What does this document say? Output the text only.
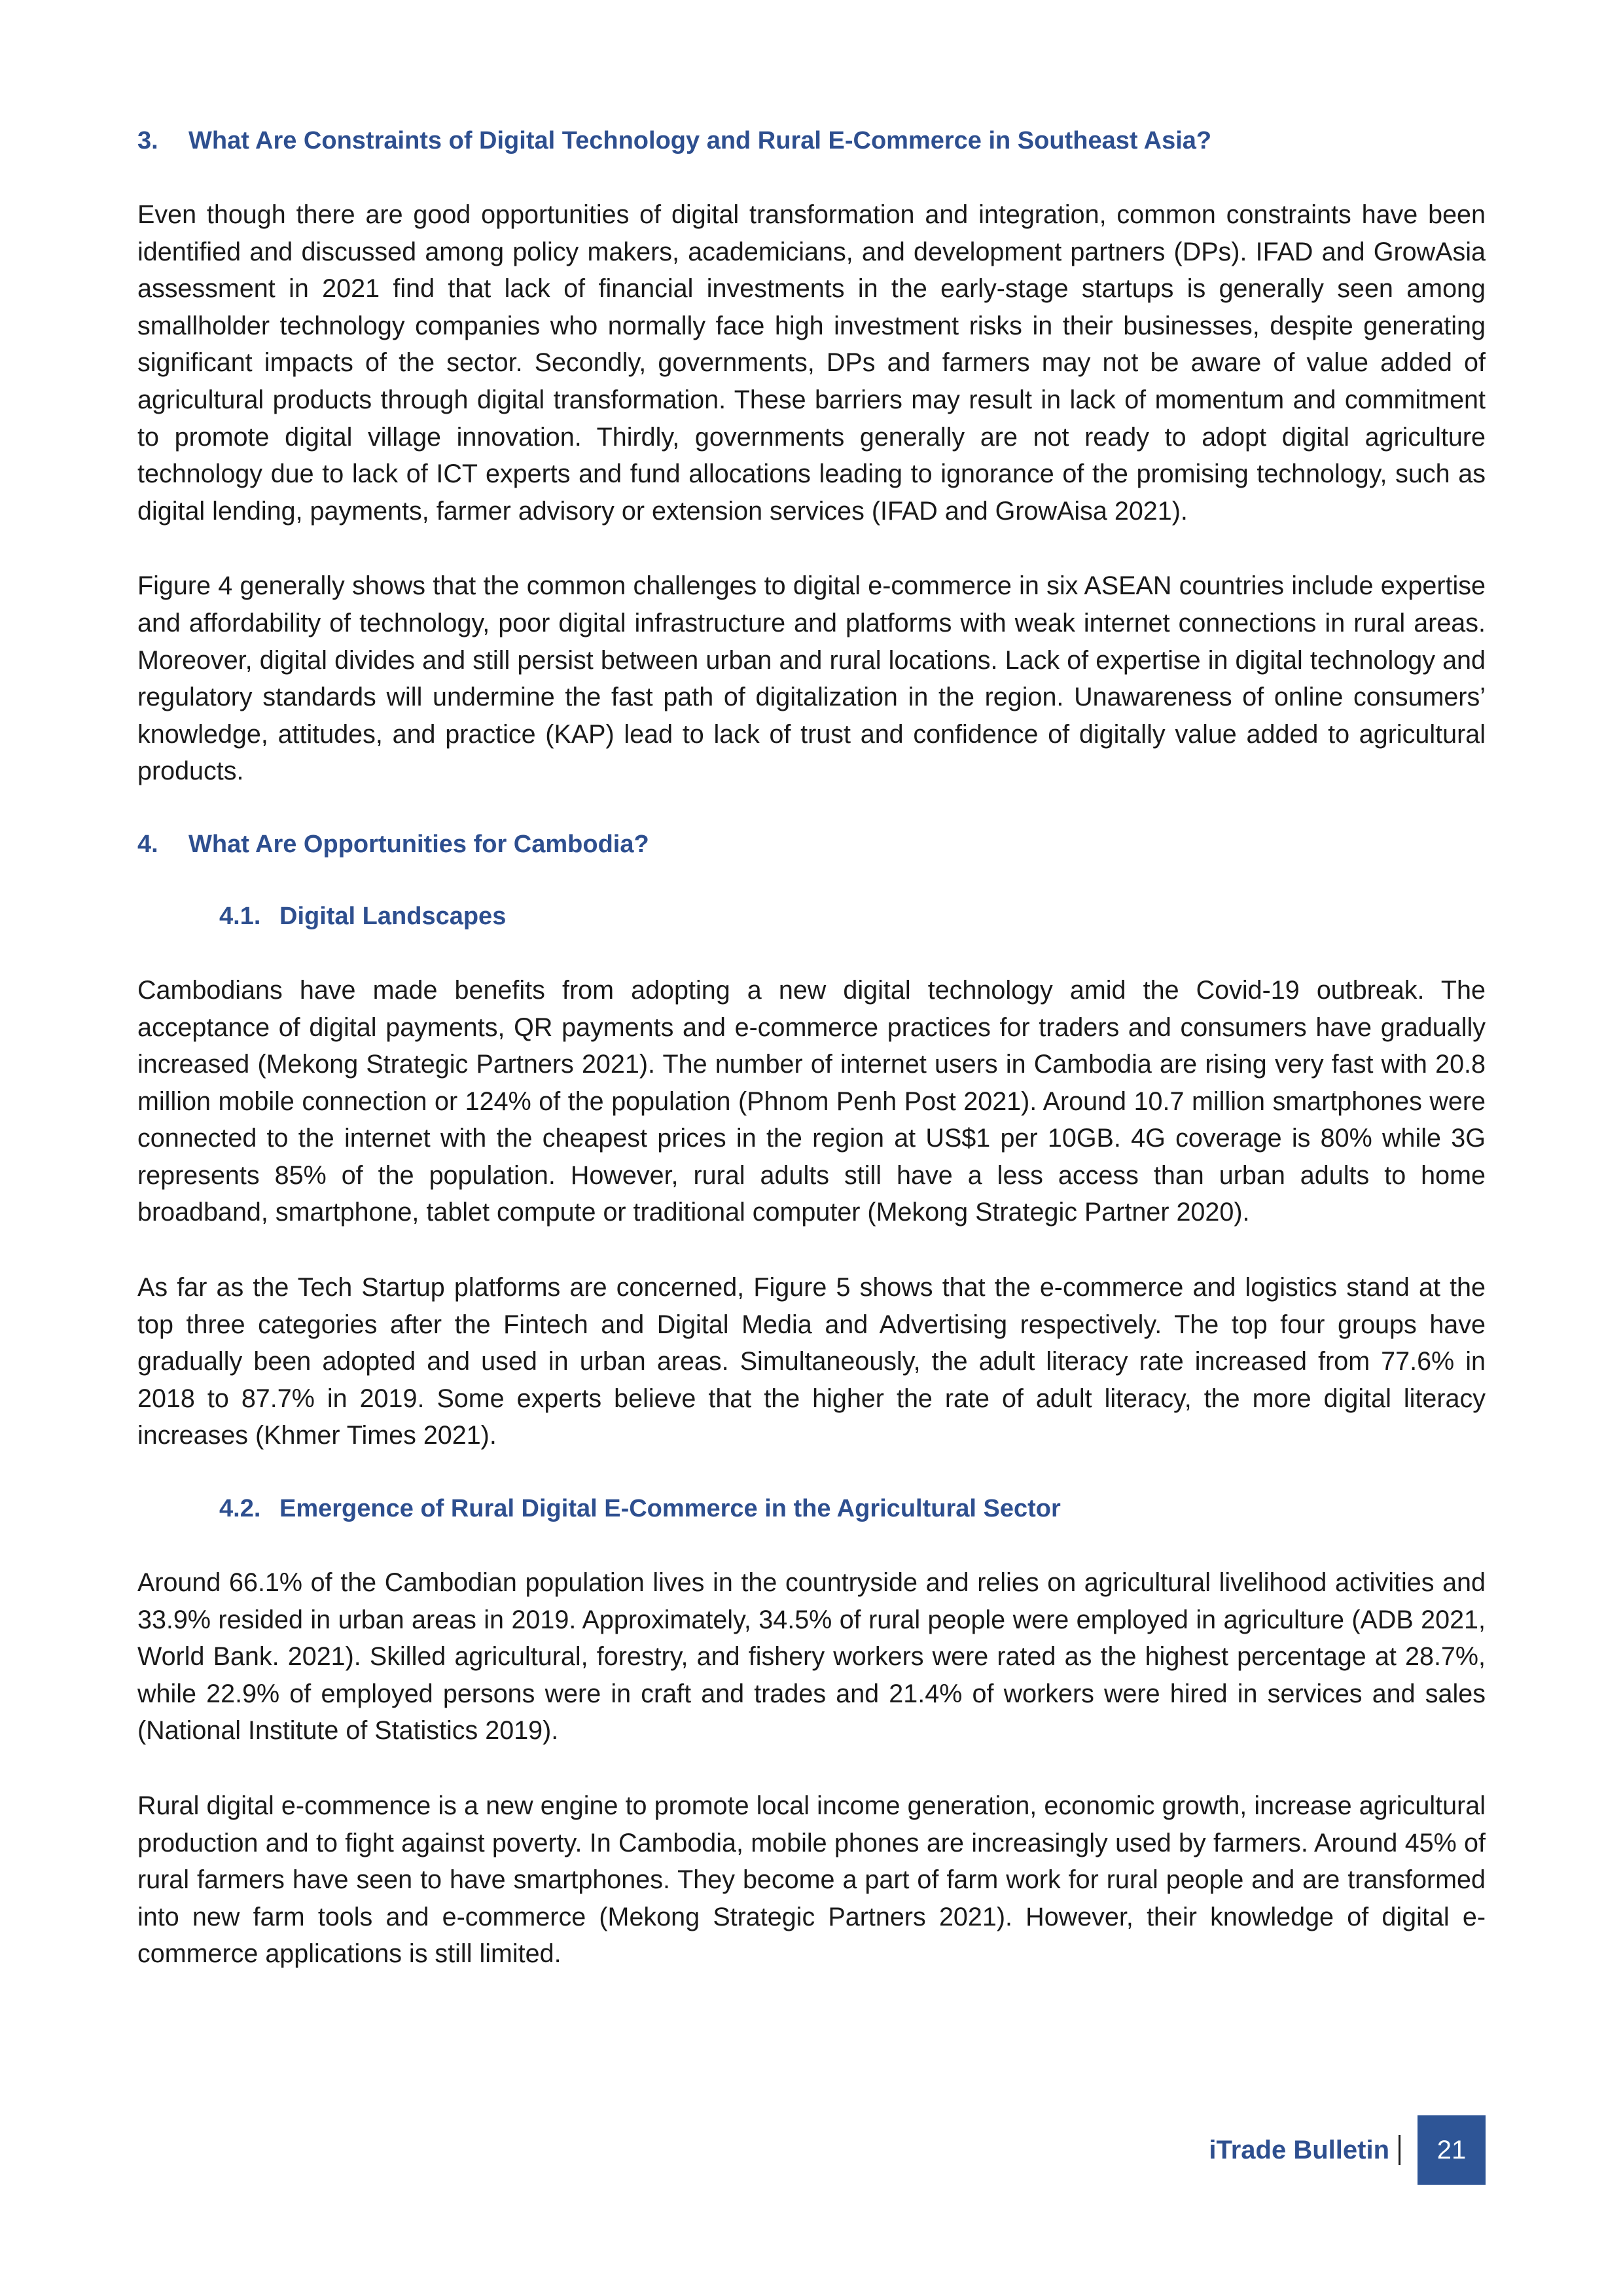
3.	What Are Constraints of Digital Technology and Rural E-Commerce in Southeast Asia?

Even though there are good opportunities of digital transformation and integration, common constraints have been identified and discussed among policy makers, academicians, and development partners (DPs). IFAD and GrowAsia assessment in 2021 find that lack of financial investments in the early-stage startups is generally seen among smallholder technology companies who normally face high investment risks in their businesses, despite generating significant impacts of the sector. Secondly, governments, DPs and farmers may not be aware of value added of agricultural products through digital transformation. These barriers may result in lack of momentum and commitment to promote digital village innovation. Thirdly, governments generally are not ready to adopt digital agriculture technology due to lack of ICT experts and fund allocations leading to ignorance of the promising technology, such as digital lending, payments, farmer advisory or extension services (IFAD and GrowAisa 2021).

Figure 4 generally shows that the common challenges to digital e-commerce in six ASEAN countries include expertise and affordability of technology, poor digital infrastructure and platforms with weak internet connections in rural areas. Moreover, digital divides and still persist between urban and rural locations. Lack of expertise in digital technology and regulatory standards will undermine the fast path of digitalization in the region. Unawareness of online consumers’ knowledge, attitudes, and practice (KAP) lead to lack of trust and confidence of digitally value added to agricultural products.

4.	What Are Opportunities for Cambodia?
4.1. Digital Landscapes

Cambodians have made benefits from adopting a new digital technology amid the Covid-19 outbreak. The acceptance of digital payments, QR payments and e-commerce practices for traders and consumers have gradually increased (Mekong Strategic Partners 2021). The number of internet users in Cambodia are rising very fast with 20.8 million mobile connection or 124% of the population (Phnom Penh Post 2021). Around 10.7 million smartphones were connected to the internet with the cheapest prices in the region at US$1 per 10GB. 4G coverage is 80% while 3G represents 85% of the population. However, rural adults still have a less access than urban adults to home broadband, smartphone, tablet compute or traditional computer (Mekong Strategic Partner 2020).

As far as the Tech Startup platforms are concerned, Figure 5 shows that the e-commerce and logistics stand at the top three categories after the Fintech and Digital Media and Advertising respectively. The top four groups have gradually been adopted and used in urban areas. Simultaneously, the adult literacy rate increased from 77.6% in 2018 to 87.7% in 2019. Some experts believe that the higher the rate of adult literacy, the more digital literacy increases (Khmer Times 2021).

4.2. Emergence of Rural Digital E-Commerce in the Agricultural Sector

Around 66.1% of the Cambodian population lives in the countryside and relies on agricultural livelihood activities and 33.9% resided in urban areas in 2019. Approximately, 34.5% of rural people were employed in agriculture (ADB 2021, World Bank. 2021). Skilled agricultural, forestry, and fishery workers were rated as the highest percentage at 28.7%, while 22.9% of employed persons were in craft and trades and 21.4% of workers were hired in services and sales (National Institute of Statistics 2019).

Rural digital e-commence is a new engine to promote local income generation, economic growth, increase agricultural production and to fight against poverty. In Cambodia, mobile phones are increasingly used by farmers. Around 45% of rural farmers have seen to have smartphones. They become a part of farm work for rural people and are transformed into new farm tools and e-commerce (Mekong Strategic Partners 2021). However, their knowledge of digital e-commerce applications is still limited.

iTrade Bulletin	21
